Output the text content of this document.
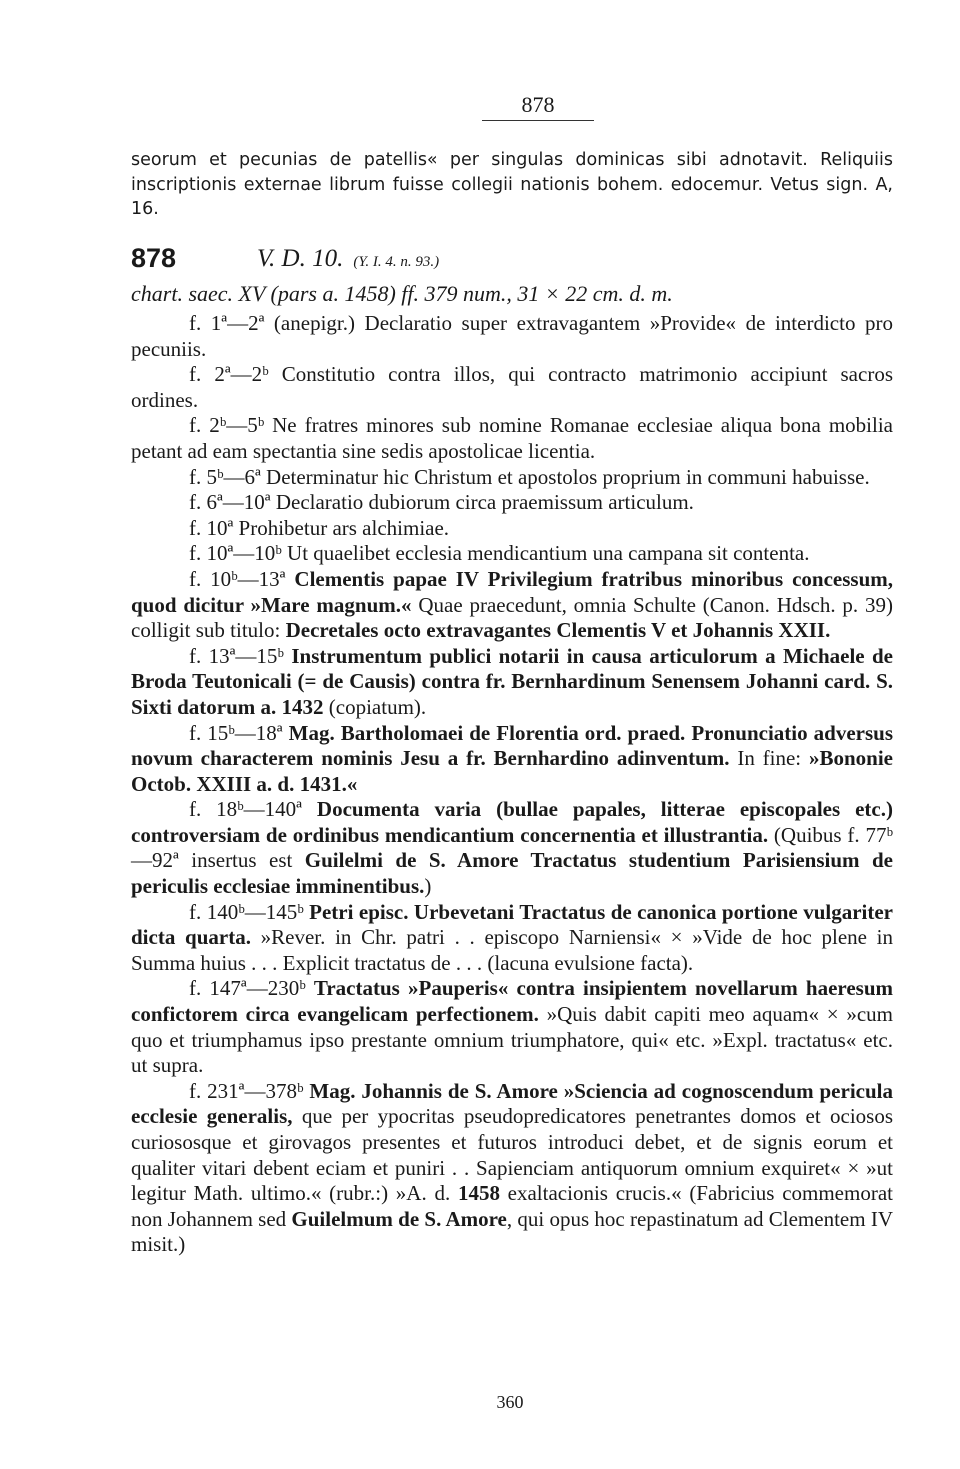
878

seorum et pecunias de patellis« per singulas dominicas sibi adnotavit. Reliquiis inscriptionis externae librum fuisse collegii nationis bohem. edocemur. Vetus sign. A, 16.

878	V. D. 10. (Y. I. 4. n. 93.)
chart. saec. XV (pars a. 1458) ff. 379 num., 31 × 22 cm. d. m.

f. 1ª—2ª (anepigr.) Declaratio super extravagantem »Provide« de interdicto pro pecuniis.

f. 2ª—2ᵇ Constitutio contra illos, qui contracto matrimonio accipiunt sacros ordines.

f. 2ᵇ—5ᵇ Ne fratres minores sub nomine Romanae ecclesiae aliqua bona mobilia petant ad eam spectantia sine sedis apostolicae licentia.

f. 5ᵇ—6ª Determinatur hic Christum et apostolos proprium in communi habuisse.

f. 6ª—10ª Declaratio dubiorum circa praemissum articulum.

f. 10ª Prohibetur ars alchimiae.

f. 10ª—10ᵇ Ut quaelibet ecclesia mendicantium una campana sit contenta.

f. 10ᵇ—13ª Clementis papae IV Privilegium fratribus minoribus concessum, quod dicitur »Mare magnum.« Quae praecedunt, omnia Schulte (Canon. Hdsch. p. 39) colligit sub titulo: Decretales octo extravagantes Clementis V et Johannis XXII.

f. 13ª—15ᵇ Instrumentum publici notarii in causa articulorum a Michaele de Broda Teutonicali (= de Causis) contra fr. Bernhardinum Senensem Johanni card. S. Sixti datorum a. 1432 (copiatum).

f. 15ᵇ—18ª Mag. Bartholomaei de Florentia ord. praed. Pronunciatio adversus novum characterem nominis Jesu a fr. Bernhardino adinventum. In fine: »Bononie Octob. XXIII a. d. 1431.«

f. 18ᵇ—140ª Documenta varia (bullae papales, litterae episcopales etc.) controversiam de ordinibus mendicantium concernentia et illustrantia. (Quibus f. 77ᵇ—92ª insertus est Guilelmi de S. Amore Tractatus studentium Parisiensium de periculis ecclesiae imminentibus.)

f. 140ᵇ—145ᵇ Petri episc. Urbevetani Tractatus de canonica portione vulgariter dicta quarta. »Rever. in Chr. patri . . episcopo Narniensi« × »Vide de hoc plene in Summa huius . . . Explicit tractatus de . . . (lacuna evulsione facta).

f. 147ª—230ᵇ Tractatus »Pauperis« contra insipientem novellarum haeresum confictorem circa evangelicam perfectionem. »Quis dabit capiti meo aquam« × »cum quo et triumphamus ipso prestante omnium triumphatore, qui« etc. »Expl. tractatus« etc. ut supra.

f. 231ª—378ᵇ Mag. Johannis de S. Amore »Sciencia ad cognoscendum pericula ecclesie generalis, que per ypocritas pseudopredicatores penetrantes domos et ociosos curiososque et girovagos presentes et futuros introduci debet, et de signis eorum et qualiter vitari debent eciam et puniri . . Sapienciam antiquorum omnium exquiret« × »ut legitur Math. ultimo.« (rubr.:) »A. d. 1458 exaltacionis crucis.« (Fabricius commemorat non Johannem sed Guilelmum de S. Amore, qui opus hoc repastinatum ad Clementem IV misit.)

360
